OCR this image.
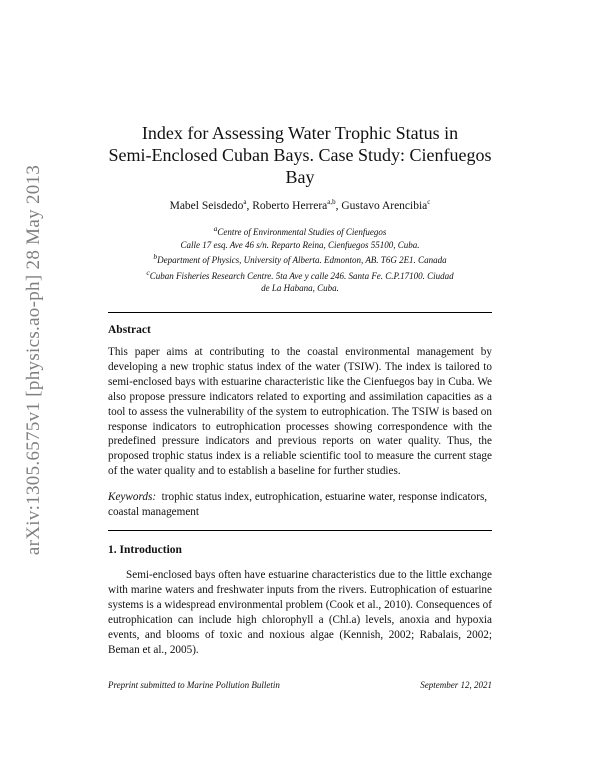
arXiv:1305.6575v1 [physics.ao-ph] 28 May 2013
Index for Assessing Water Trophic Status in
Semi-Enclosed Cuban Bays. Case Study: Cienfuegos
Bay
Mabel Seisdedo$^a$, Roberto Herrera$^{a,b}$, Gustavo Arencibia$^c$
$^a$Centre of Environmental Studies of Cienfuegos
Calle 17 esq. Ave 46 s/n. Reparto Reina, Cienfuegos 55100, Cuba.
$^b$Department of Physics, University of Alberta. Edmonton, AB. T6G 2E1. Canada
$^c$Cuban Fisheries Research Centre. 5ta Ave y calle 246. Santa Fe. C.P.17100. Ciudad
de La Habana, Cuba.
Abstract
This paper aims at contributing to the coastal environmental management by developing a new trophic status index of the water (TSIW). The index is tailored to semi-enclosed bays with estuarine characteristic like the Cienfuegos bay in Cuba. We also propose pressure indicators related to exporting and assimilation capacities as a tool to assess the vulnerability of the system to eutrophication. The TSIW is based on response indicators to eutrophication processes showing correspondence with the predefined pressure indicators and previous reports on water quality. Thus, the proposed trophic status index is a reliable scientific tool to measure the current stage of the water quality and to establish a baseline for further studies.
Keywords: trophic status index, eutrophication, estuarine water, response indicators, coastal management
1. Introduction
Semi-enclosed bays often have estuarine characteristics due to the little exchange with marine waters and freshwater inputs from the rivers. Eutrophication of estuarine systems is a widespread environmental problem (Cook et al., 2010). Consequences of eutrophication can include high chlorophyll a (Chl.a) levels, anoxia and hypoxia events, and blooms of toxic and noxious algae (Kennish, 2002; Rabalais, 2002; Beman et al., 2005).
Preprint submitted to Marine Pollution Bulletin	September 12, 2021
